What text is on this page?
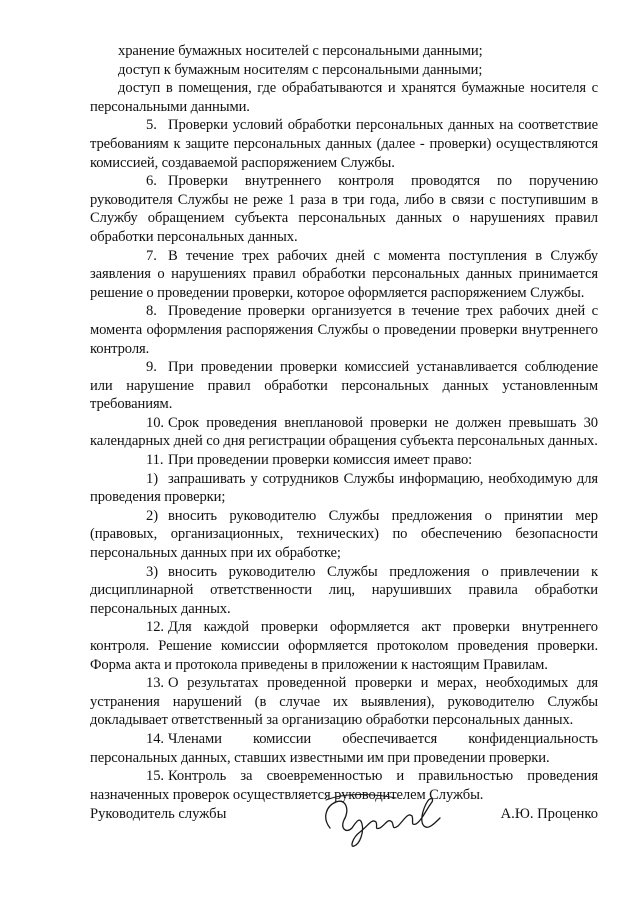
хранение бумажных носителей с персональными данными;

доступ к бумажным носителям с персональными данными;

доступ в помещения, где обрабатываются и хранятся бумажные носителя с персональными данными.

5. Проверки условий обработки персональных данных на соответствие требованиям к защите персональных данных (далее - проверки) осуществляются комиссией, создаваемой распоряжением Службы.

6. Проверки внутреннего контроля проводятся по поручению руководителя Службы не реже 1 раза в три года, либо в связи с поступившим в Службу обращением субъекта персональных данных о нарушениях правил обработки персональных данных.

7. В течение трех рабочих дней с момента поступления в Службу заявления о нарушениях правил обработки персональных данных принимается решение о проведении проверки, которое оформляется распоряжением Службы.

8. Проведение проверки организуется в течение трех рабочих дней с момента оформления распоряжения Службы о проведении проверки внутреннего контроля.

9. При проведении проверки комиссией устанавливается соблюдение или нарушение правил обработки персональных данных установленным требованиям.

10. Срок проведения внеплановой проверки не должен превышать 30 календарных дней со дня регистрации обращения субъекта персональных данных.

11. При проведении проверки комиссия имеет право:

1) запрашивать у сотрудников Службы информацию, необходимую для проведения проверки;

2) вносить руководителю Службы предложения о принятии мер (правовых, организационных, технических) по обеспечению безопасности персональных данных при их обработке;

3) вносить руководителю Службы предложения о привлечении к дисциплинарной ответственности лиц, нарушивших правила обработки персональных данных.

12. Для каждой проверки оформляется акт проверки внутреннего контроля. Решение комиссии оформляется протоколом проведения проверки. Форма акта и протокола приведены в приложении к настоящим Правилам.

13. О результатах проведенной проверки и мерах, необходимых для устранения нарушений (в случае их выявления), руководителю Службы докладывает ответственный за организацию обработки персональных данных.

14. Членами комиссии обеспечивается конфиденциальность персональных данных, ставших известными им при проведении проверки.

15. Контроль за своевременностью и правильностью проведения назначенных проверок осуществляется руководителем Службы.

Руководитель службы	А.Ю. Проценко
